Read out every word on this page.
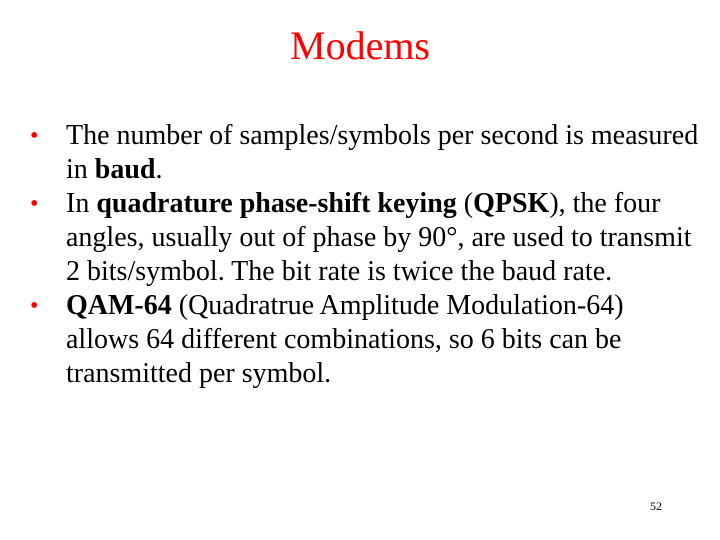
Modems
• The number of samples/symbols per second is measured in baud.
• In quadrature phase-shift keying (QPSK), the four angles, usually out of phase by 90°, are used to transmit 2 bits/symbol. The bit rate is twice the baud rate.
• QAM-64 (Quadratrue Amplitude Modulation-64) allows 64 different combinations, so 6 bits can be transmitted per symbol.
52
